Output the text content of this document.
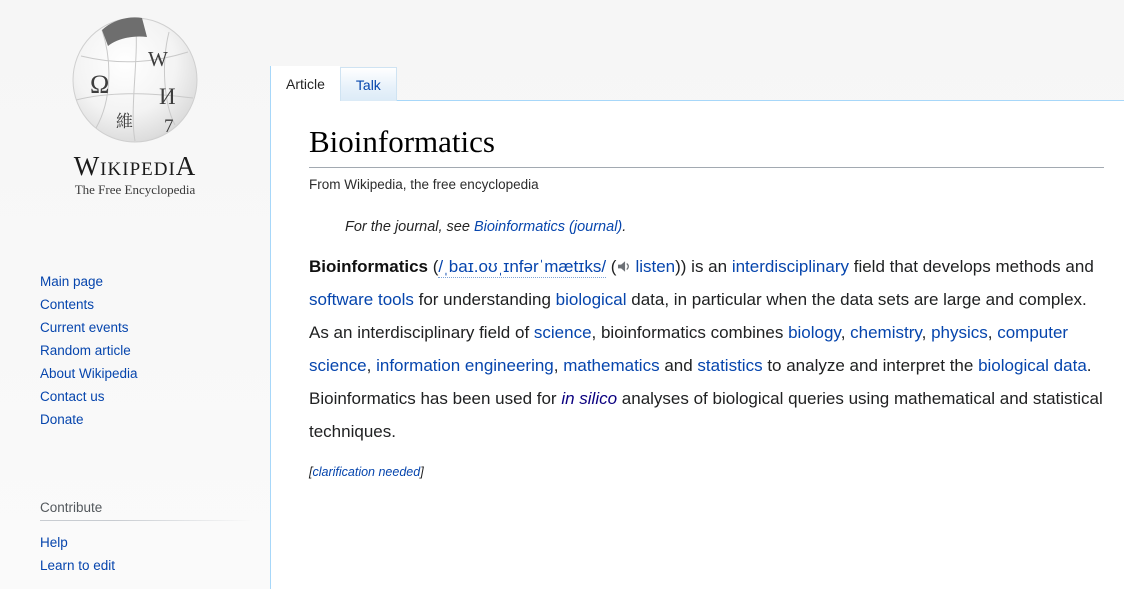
Ω
W
И
維 7
WikipediA
The Free Encyclopedia
Main page
Contents
Current events
Random article
About Wikipedia
Contact us
Donate
Contribute
Help
Learn to edit
Article Talk
Bioinformatics
From Wikipedia, the free encyclopedia
For the journal, see Bioinformatics (journal).

Bioinformatics (/ˌbaɪ.oʊˌɪnfərˈmætɪks/ ( listen)) is an interdisciplinary field that develops methods and software tools for understanding biological data, in particular when the data sets are large and complex. As an interdisciplinary field of science, bioinformatics combines biology, chemistry, physics, computer science, information engineering, mathematics and statistics to analyze and interpret the biological data. Bioinformatics has been used for in silico analyses of biological queries using mathematical and statistical techniques.

[clarification needed]
